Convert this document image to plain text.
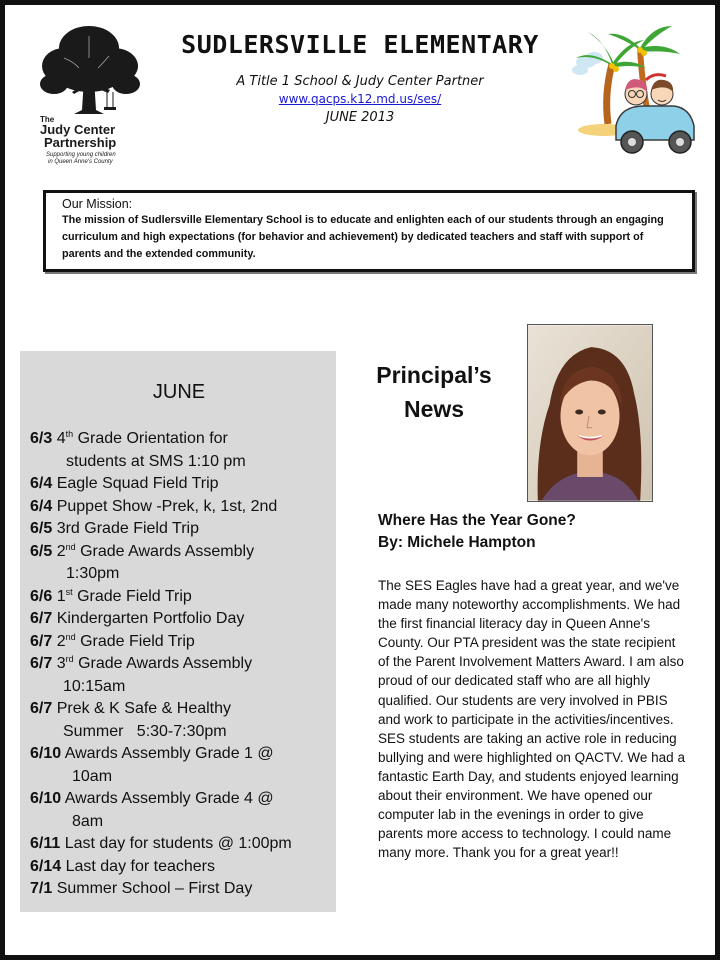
The
Judy Center
Partnership
Supporting young children
in Queen Anne's County
SUDLERSVILLE ELEMENTARY
A Title 1 School & Judy Center Partner
www.qacps.k12.md.us/ses/
JUNE 2013
Our Mission:
The mission of Sudlersville Elementary School is to educate and enlighten each of our students through an engaging curriculum and high expectations (for behavior and achievement) by dedicated teachers and staff with support of parents and the extended community.
JUNE
6/3 4th Grade Orientation for
students at SMS 1:10 pm
6/4 Eagle Squad Field Trip
6/4 Puppet Show -Prek, k, 1st, 2nd
6/5 3rd Grade Field Trip
6/5 2nd Grade Awards Assembly
1:30pm
6/6 1st Grade Field Trip
6/7 Kindergarten Portfolio Day
6/7 2nd Grade Field Trip
6/7 3rd Grade Awards Assembly
10:15am
6/7 Prek & K Safe & Healthy
Summer   5:30-7:30pm
6/10 Awards Assembly Grade 1 @
10am
6/10 Awards Assembly Grade 4 @
8am
6/11 Last day for students @ 1:00pm
6/14 Last day for teachers
7/1 Summer School – First Day
Principal’s
News
Where Has the Year Gone?
By: Michele Hampton
The SES Eagles have had a great year, and we've made many noteworthy accomplishments. We had the first financial literacy day in Queen Anne's County. Our PTA president was the state recipient of the Parent Involvement Matters Award. I am also proud of our dedicated staff who are all highly qualified. Our students are very involved in PBIS and work to participate in the activities/incentives. SES students are taking an active role in reducing bullying and were highlighted on QACTV. We had a fantastic Earth Day, and students enjoyed learning about their environment. We have opened our computer lab in the evenings in order to give parents more access to technology. I could name many more. Thank you for a great year!!
